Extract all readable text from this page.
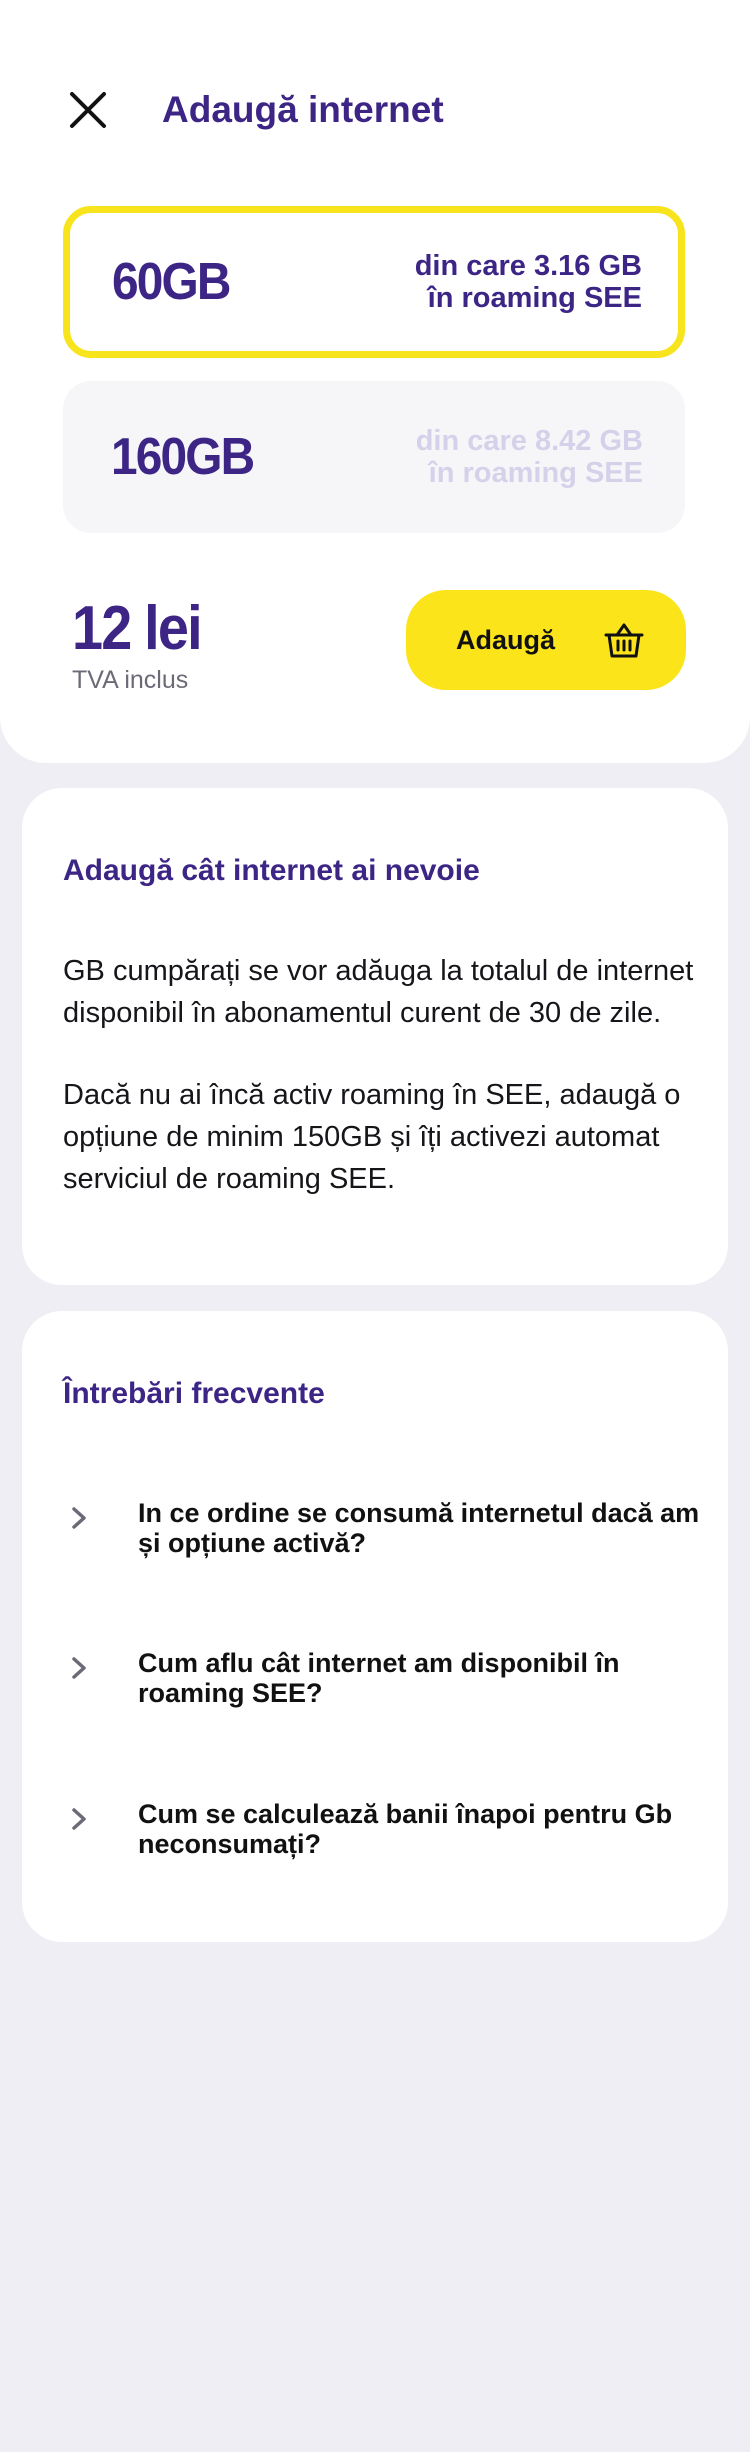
Adaugă internet
60GB	din care 3.16 GB
în roaming SEE
160GB	din care 8.42 GB
în roaming SEE
12 lei
TVA inclus
Adaugă
Adaugă cât internet ai nevoie

GB cumpărați se vor adăuga la totalul de internet disponibil în abonamentul curent de 30 de zile.

Dacă nu ai încă activ roaming în SEE, adaugă o opțiune de minim 150GB și îți activezi automat serviciul de roaming SEE.

Întrebări frecvente
In ce ordine se consumă internetul dacă am și opțiune activă?
Cum aflu cât internet am disponibil în roaming SEE?
Cum se calculează banii înapoi pentru Gb neconsumați?
